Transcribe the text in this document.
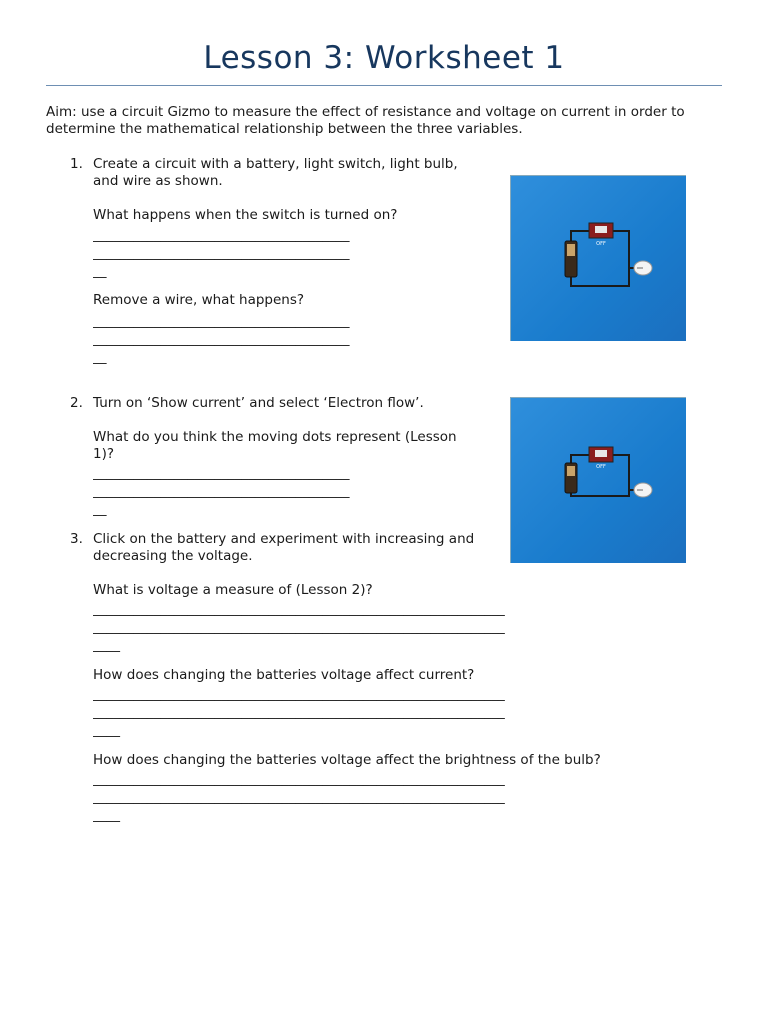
Lesson 3: Worksheet 1
Aim: use a circuit Gizmo to measure the effect of resistance and voltage on current in order to determine the mathematical relationship between the three variables.
1. Create a circuit with a battery, light switch, light bulb, and wire as shown.
What happens when the switch is turned on?
______________________________________
______________________________________
__
Remove a wire, what happens?
______________________________________
______________________________________
__
OFF
2. Turn on ‘Show current’ and select ‘Electron flow’.
What do you think the moving dots represent (Lesson 1)?
______________________________________
______________________________________
__
OFF
3. Click on the battery and experiment with increasing and decreasing the voltage.
What is voltage a measure of (Lesson 2)?
_____________________________________________________________
_____________________________________________________________
____
How does changing the batteries voltage affect current?
_____________________________________________________________
_____________________________________________________________
____
How does changing the batteries voltage affect the brightness of the bulb?
_____________________________________________________________
_____________________________________________________________
____
